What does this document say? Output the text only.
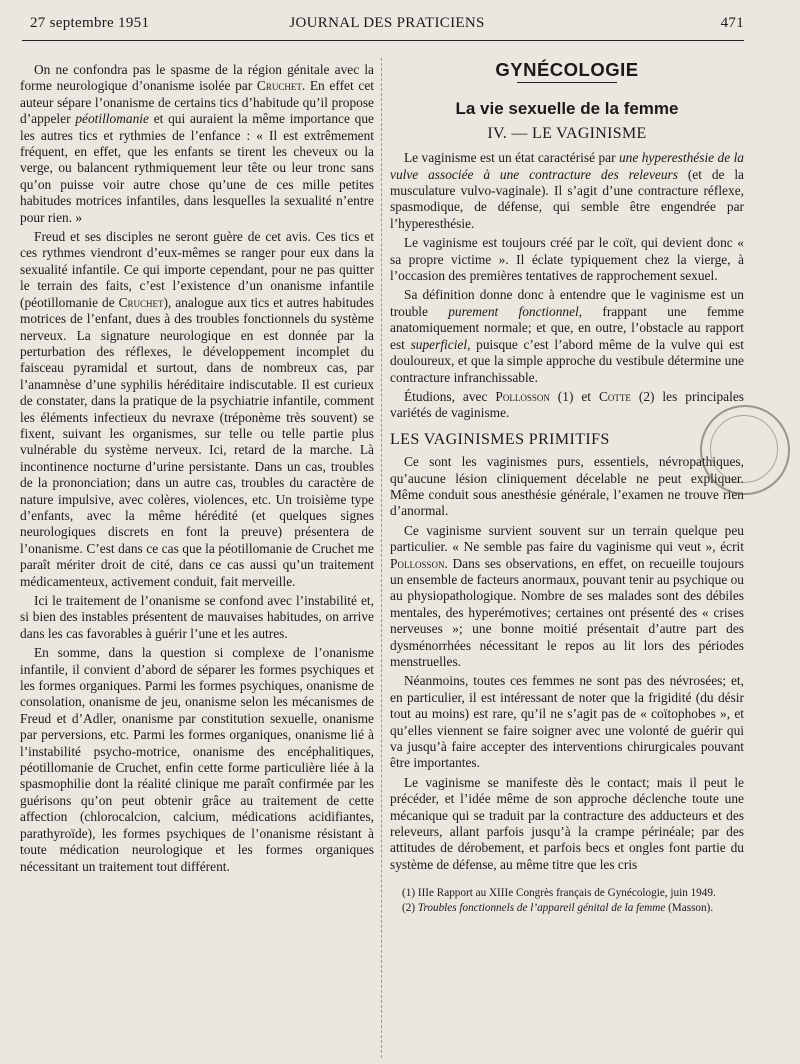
27 septembre 1951	JOURNAL DES PRATICIENS	471

On ne confondra pas le spasme de la région génitale avec la forme neurologique d’onanisme isolée par Cruchet. En effet cet auteur sépare l’onanisme de certains tics d’habitude qu’il propose d’appeler péotillomanie et qui auraient la même importance que les autres tics et rythmies de l’enfance : « Il est extrêmement fréquent, en effet, que les enfants se tirent les cheveux ou la verge, ou balancent rythmiquement leur tête ou leur tronc sans qu’on puisse voir autre chose qu’une de ces mille petites habitudes motrices infantiles, dans lesquelles la sexualité n’entre pour rien. »

Freud et ses disciples ne seront guère de cet avis. Ces tics et ces rythmes viendront d’eux-mêmes se ranger pour eux dans la sexualité infantile. Ce qui importe cependant, pour ne pas quitter le terrain des faits, c’est l’existence d’un onanisme infantile (péotillomanie de Cruchet), analogue aux tics et autres habitudes motrices de l’enfant, dues à des troubles fonctionnels du système nerveux. La signature neurologique en est donnée par la perturbation des réflexes, le développement incomplet du faisceau pyramidal et surtout, dans de nombreux cas, par l’anamnèse d’une syphilis héréditaire indiscutable. Il est curieux de constater, dans la pratique de la psychiatrie infantile, comment les éléments infectieux du nevraxe (tréponème très souvent) se fixent, suivant les organismes, sur telle ou telle partie plus vulnérable du système nerveux. Ici, retard de la marche. Là incontinence nocturne d’urine persistante. Dans un cas, troubles de la prononciation; dans un autre cas, troubles du caractère de nature impulsive, avec colères, violences, etc. Un troisième type d’enfants, avec la même hérédité (et quelques signes neurologiques discrets en font la preuve) présentera de l’onanisme. C’est dans ce cas que la péotillomanie de Cruchet me paraît mériter droit de cité, dans ce cas aussi qu’un traitement médicamenteux, activement conduit, fait merveille.

Ici le traitement de l’onanisme se confond avec l’instabilité et, si bien des instables présentent de mauvaises habitudes, on arrive dans les cas favorables à guérir l’une et les autres.

En somme, dans la question si complexe de l’onanisme infantile, il convient d’abord de séparer les formes psychiques et les formes organiques. Parmi les formes psychiques, onanisme de consolation, onanisme de jeu, onanisme selon les mécanismes de Freud et d’Adler, onanisme par constitution sexuelle, onanisme par perversions, etc. Parmi les formes organiques, onanisme lié à l’instabilité psycho-motrice, onanisme des encéphalitiques, péotillomanie de Cruchet, enfin cette forme particulière liée à la spasmophilie dont la réalité clinique me paraît confirmée par les guérisons qu’on peut obtenir grâce au traitement de cette affection (chlorocalcion, calcium, médications acidifiantes, parathyroïde), les formes psychiques de l’onanisme résistant à toute médication neurologique et les formes organiques nécessitant un traitement tout différent.

GYNÉCOLOGIE
La vie sexuelle de la femme
IV. — LE VAGINISME

Le vaginisme est un état caractérisé par une hyperesthésie de la vulve associée à une contracture des releveurs (et de la musculature vulvo-vaginale). Il s’agit d’une contracture réflexe, spasmodique, de défense, qui semble être engendrée par l’hyperesthésie.

Le vaginisme est toujours créé par le coït, qui devient donc « sa propre victime ». Il éclate typiquement chez la vierge, à l’occasion des premières tentatives de rapprochement sexuel.

Sa définition donne donc à entendre que le vaginisme est un trouble purement fonctionnel, frappant une femme anatomiquement normale; et que, en outre, l’obstacle au rapport est superficiel, puisque c’est l’abord même de la vulve qui est douloureux, et que la simple approche du vestibule détermine une contracture infranchissable.

Étudions, avec Pollosson (1) et Cotte (2) les principales variétés de vaginisme.

LES VAGINISMES PRIMITIFS

Ce sont les vaginismes purs, essentiels, névropathiques, qu’aucune lésion cliniquement décelable ne peut expliquer. Même conduit sous anesthésie générale, l’examen ne trouve rien d’anormal.

Ce vaginisme survient souvent sur un terrain quelque peu particulier. « Ne semble pas faire du vaginisme qui veut », écrit Pollosson. Dans ses observations, en effet, on recueille toujours un ensemble de facteurs anormaux, pouvant tenir au psychique ou au physiopathologique. Nombre de ses malades sont des débiles mentales, des hyperémotives; certaines ont présenté des « crises nerveuses »; une bonne moitié présentait d’autre part des dysménorrhées nécessitant le repos au lit lors des périodes menstruelles.

Néanmoins, toutes ces femmes ne sont pas des névrosées; et, en particulier, il est intéressant de noter que la frigidité (du désir tout au moins) est rare, qu’il ne s’agit pas de « coïtophobes », et qu’elles viennent se faire soigner avec une volonté de guérir qui va jusqu’à faire accepter des interventions chirurgicales pouvant être importantes.

Le vaginisme se manifeste dès le contact; mais il peut le précéder, et l’idée même de son approche déclenche toute une mécanique qui se traduit par la contracture des adducteurs et des releveurs, allant parfois jusqu’à la crampe périnéale; par des attitudes de dérobement, et parfois becs et ongles font partie du système de défense, au même titre que les cris

(1) IIIe Rapport au XIIIe Congrès français de Gynécologie, juin 1949.
(2) Troubles fonctionnels de l’appareil génital de la femme (Masson).
